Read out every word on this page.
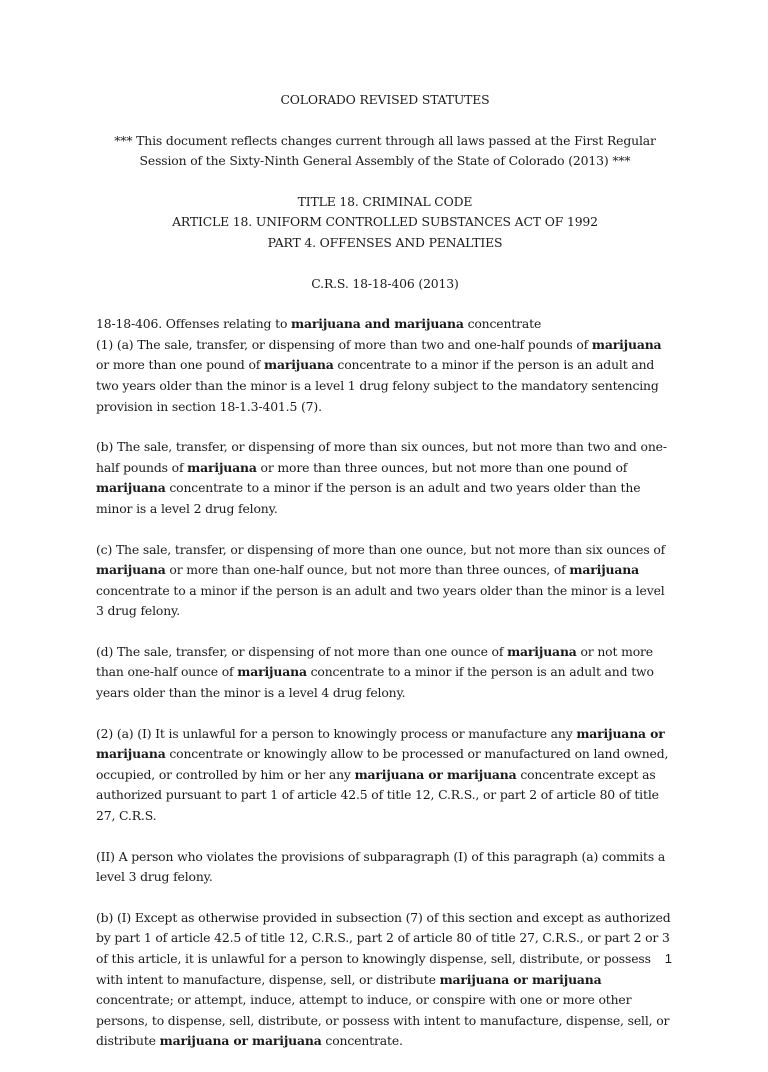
COLORADO REVISED STATUTES
*** This document reflects changes current through all laws passed at the First Regular Session of the Sixty-Ninth General Assembly of the State of Colorado (2013) ***
TITLE 18. CRIMINAL CODE
ARTICLE 18. UNIFORM CONTROLLED SUBSTANCES ACT OF 1992
PART 4. OFFENSES AND PENALTIES
C.R.S. 18-18-406 (2013)
18-18-406. Offenses relating to marijuana and marijuana concentrate
(1) (a) The sale, transfer, or dispensing of more than two and one-half pounds of marijuana or more than one pound of marijuana concentrate to a minor if the person is an adult and two years older than the minor is a level 1 drug felony subject to the mandatory sentencing provision in section 18-1.3-401.5 (7).
(b) The sale, transfer, or dispensing of more than six ounces, but not more than two and one-half pounds of marijuana or more than three ounces, but not more than one pound of marijuana concentrate to a minor if the person is an adult and two years older than the minor is a level 2 drug felony.
(c) The sale, transfer, or dispensing of more than one ounce, but not more than six ounces of marijuana or more than one-half ounce, but not more than three ounces, of marijuana concentrate to a minor if the person is an adult and two years older than the minor is a level 3 drug felony.
(d) The sale, transfer, or dispensing of not more than one ounce of marijuana or not more than one-half ounce of marijuana concentrate to a minor if the person is an adult and two years older than the minor is a level 4 drug felony.
(2) (a) (I) It is unlawful for a person to knowingly process or manufacture any marijuana or marijuana concentrate or knowingly allow to be processed or manufactured on land owned, occupied, or controlled by him or her any marijuana or marijuana concentrate except as authorized pursuant to part 1 of article 42.5 of title 12, C.R.S., or part 2 of article 80 of title 27, C.R.S.
(II) A person who violates the provisions of subparagraph (I) of this paragraph (a) commits a level 3 drug felony.
(b) (I) Except as otherwise provided in subsection (7) of this section and except as authorized by part 1 of article 42.5 of title 12, C.R.S., part 2 of article 80 of title 27, C.R.S., or part 2 or 3 of this article, it is unlawful for a person to knowingly dispense, sell, distribute, or possess with intent to manufacture, dispense, sell, or distribute marijuana or marijuana concentrate; or attempt, induce, attempt to induce, or conspire with one or more other persons, to dispense, sell, distribute, or possess with intent to manufacture, dispense, sell, or distribute marijuana or marijuana concentrate.
1
